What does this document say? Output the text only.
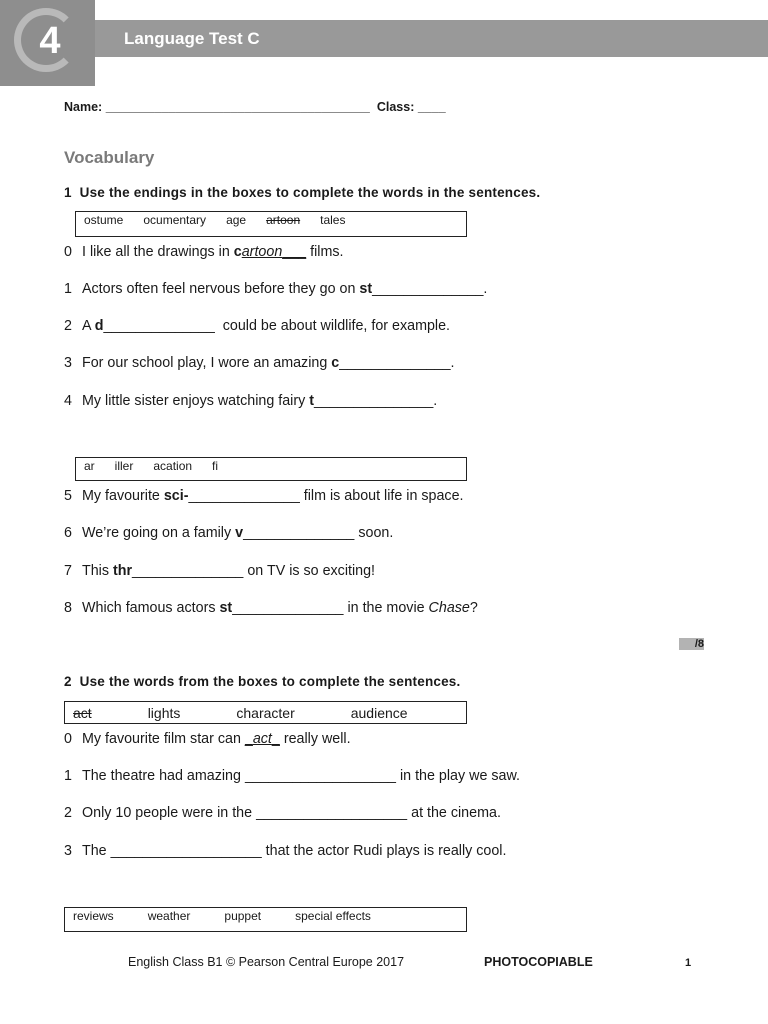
4	Language Test C
Name: ______________________________________ Class: ____
Vocabulary
1 Use the endings in the boxes to complete the words in the sentences.
ostume ocumentary age artoon tales
0 I like all the drawings in cartoon___ films.
1 Actors often feel nervous before they go on st______________.
2 A d______________  could be about wildlife, for example.
3 For our school play, I wore an amazing c______________.
4 My little sister enjoys watching fairy t_______________.
ar iller acation fi
5 My favourite sci-______________ film is about life in space.
6 We’re going on a family v______________ soon.
7 This thr______________ on TV is so exciting!
8 Which famous actors st______________ in the movie Chase?
/8
2 Use the words from the boxes to complete the sentences.
act	lights	character	audience
0 My favourite film star can _act_ really well.
1 The theatre had amazing ___________________ in the play we saw.
2 Only 10 people were in the ___________________ at the cinema.
3 The ___________________ that the actor Rudi plays is really cool.
reviews	weather	puppet	special effects
English Class B1 © Pearson Central Europe 2017	PHOTOCOPIABLE	1
